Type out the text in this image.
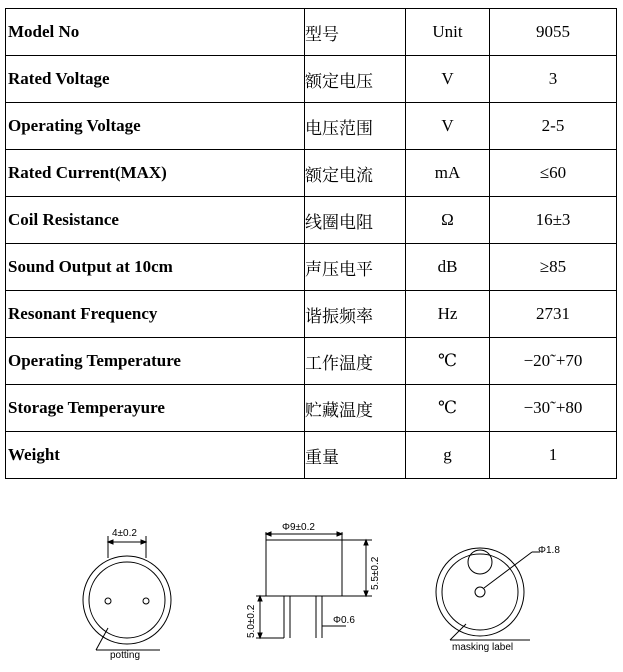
Model No	型号	Unit	9055
Rated Voltage	额定电压	V	3
Operating Voltage	电压范围	V	2-5
Rated Current(MAX)	额定电流	mA	≤60
Coil Resistance	线圈电阻	Ω	16±3
Sound Output at 10cm	声压电平	dB	≥85
Resonant Frequency	谐振频率	Hz	2731
Operating Temperature	工作温度	℃	−20˜+70
Storage Temperayure	贮藏温度	℃	−30˜+80
Weight	重量	g	1
4±0.2
potting
Φ9±0.2
5.5±0.2
5.0±0.2	Φ0.6
Φ1.8
masking label
